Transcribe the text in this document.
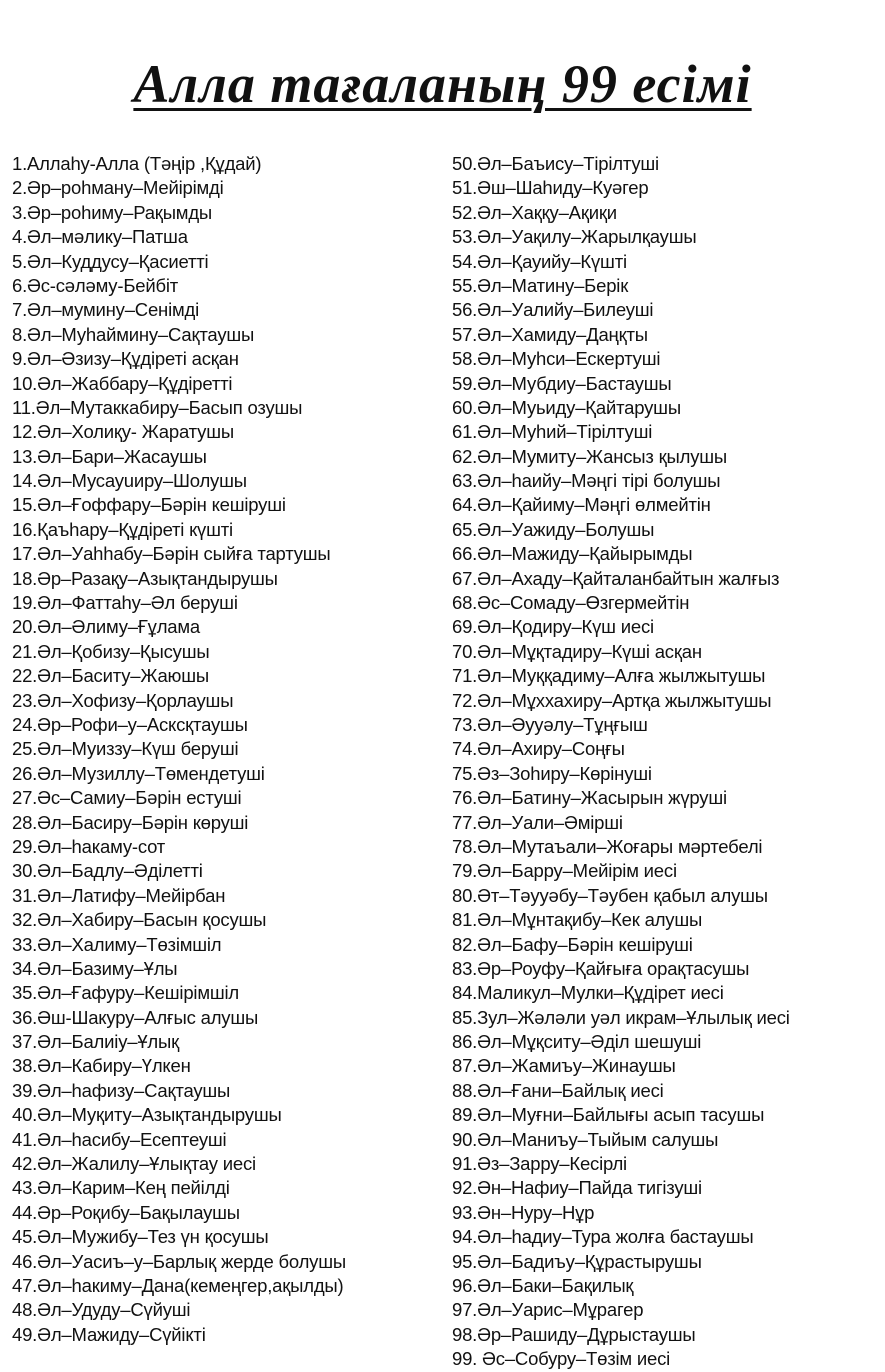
Алла тағаланың 99 есімі
1.Аллаһу-Алла (Тәңір ,Құдай)
2.Әр–роһману–Мейірімді
3.Әр–роһиму–Рақымды
4.Әл–мәлику–Патша
5.Әл–Куддусу–Қасиетті
6.Әс-сәләму-Бейбіт
7.Әл–мумину–Сенімді
8.Әл–Муһаймину–Сақтаушы
9.Әл–Әзизу–Құдіреті асқан
10.Әл–Жаббару–Құдіретті
11.Әл–Мутаккабиру–Басып озушы
12.Әл–Холиқу- Жаратушы
13.Әл–Бари–Жасаушы
14.Әл–Мусауuиру–Шолушы
15.Әл–Ғоффару–Бәрін кешіруші
16.Қаъһару–Құдіреті күшті
17.Әл–Уаһһабу–Бәрін сыйға тартушы
18.Әр–Разақу–Азықтандырушы
19.Әл–Фаттаһу–Әл беруші
20.Әл–Әлиму–Ғұлама
21.Әл–Қобизу–Қысушы
22.Әл–Баситу–Жаюшы
23.Әл–Хофизу–Қорлаушы
24.Әр–Рофи–у–Асксқтаушы
25.Әл–Муиззу–Күш беруші
26.Әл–Музиллу–Төмендетуші
27.Әс–Самиу–Бәрін естуші
28.Әл–Басиру–Бәрін көруші
29.Әл–һакаму-сот
30.Әл–Бадлу–Әділетті
31.Әл–Латифу–Мейірбан
32.Әл–Хабиру–Басын қосушы
33.Әл–Халиму–Төзімшіл
34.Әл–Базиму–Ұлы
35.Әл–Ғафуру–Кешірімшіл
36.Әш-Шакуру–Алғыс алушы
37.Әл–Балиiу–Ұлық
38.Әл–Кабиру–Үлкен
39.Әл–һафизу–Сақтаушы
40.Әл–Муқиту–Азықтандырушы
41.Әл–һасибу–Есептеуші
42.Әл–Жалилу–Ұлықтау иесі
43.Әл–Карим–Кең пейілді
44.Әр–Роқибу–Бақылаушы
45.Әл–Мужибу–Тез үн қосушы
46.Әл–Уасиъ–у–Барлық жерде болушы
47.Әл–һакиму–Дана(кемеңгер,ақылды)
48.Әл–Удуду–Сүйуші
49.Әл–Мажиду–Сүйікті
50.Әл–Баъису–Тірілтуші
51.Әш–Шаһиду–Куәгер
52.Әл–Хаққу–Ақиқи
53.Әл–Уақилу–Жарылқаушы
54.Әл–Қауийу–Күшті
55.Әл–Матину–Берік
56.Әл–Уалийу–Билеуші
57.Әл–Хамиду–Даңқты
58.Әл–Муһси–Ескертуші
59.Әл–Мубдиу–Бастаушы
60.Әл–Муьиду–Қайтарушы
61.Әл–Муһий–Тірілтуші
62.Әл–Мумиту–Жансыз қылушы
63.Әл–һаийу–Мәңгі тірі болушы
64.Әл–Қайиму–Мәңгі өлмейтін
65.Әл–Уажиду–Болушы
66.Әл–Мажиду–Қайырымды
67.Әл–Ахаду–Қайталанбайтын жалғыз
68.Әс–Сомаду–Өзгермейтін
69.Әл–Қодиру–Күш иесі
70.Әл–Мұқтадиру–Күші асқан
71.Әл–Муққадиму–Алға жылжытушы
72.Әл–Мұххахиру–Артқа жылжытушы
73.Әл–Әууәлу–Тұңғыш
74.Әл–Ахиру–Соңғы
75.Әз–Зоһиру–Көрінуші
76.Әл–Батину–Жасырын жүруші
77.Әл–Уали–Әмірші
78.Әл–Мутаъали–Жоғары мәртебелі
79.Әл–Барру–Мейірім иесі
80.Әт–Тәууәбу–Тәубен қабыл алушы
81.Әл–Мұнтақибу–Кек алушы
82.Әл–Бафу–Бәрін кешіруші
83.Әр–Роуфу–Қайғыға орақтасушы
84.Маликул–Мулки–Құдірет иесі
85.Зул–Жәләли уәл икрам–Ұлылық иесі
86.Әл–Мұқситу–Әділ шешуші
87.Әл–Жамиъу–Жинаушы
88.Әл–Ғани–Байлық иесі
89.Әл–Муғни–Байлығы асып тасушы
90.Әл–Маниъу–Тыйым салушы
91.Әз–Зарру–Кесірлі
92.Ән–Нафиу–Пайда тигізуші
93.Ән–Нуру–Нұр
94.Әл–һадиу–Тура жолға бастаушы
95.Әл–Бадиъу–Құрастырушы
96.Әл–Баки–Бақилық
97.Әл–Уарис–Мұрагер
98.Әр–Рашиду–Дұрыстаушы
99. Әс–Собуру–Төзім иесі
